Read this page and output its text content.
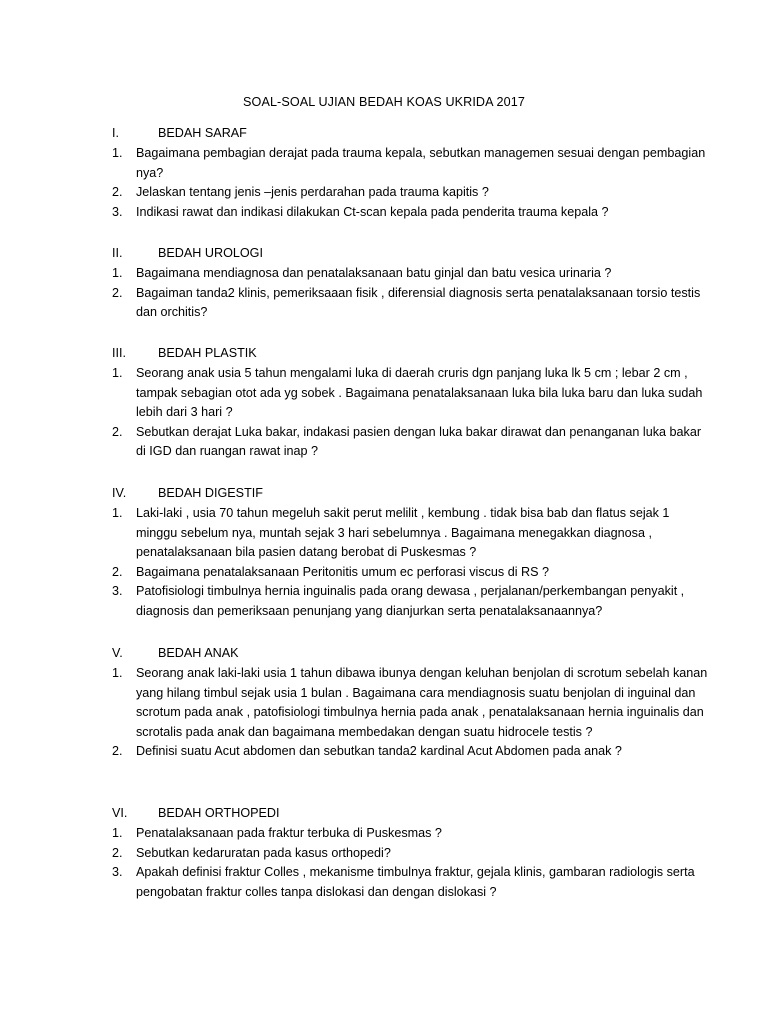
SOAL-SOAL UJIAN BEDAH KOAS UKRIDA 2017
I.	BEDAH SARAF
1. Bagaimana pembagian derajat pada trauma kepala, sebutkan managemen sesuai dengan pembagian nya?
2. Jelaskan tentang jenis –jenis perdarahan pada trauma kapitis ?
3. Indikasi rawat dan indikasi dilakukan Ct-scan kepala pada penderita trauma kepala ?
II.	BEDAH UROLOGI
1. Bagaimana mendiagnosa dan penatalaksanaan batu ginjal dan batu vesica urinaria ?
2. Bagaiman tanda2 klinis, pemeriksaaan fisik , diferensial diagnosis serta penatalaksanaan torsio testis dan orchitis?
III.	BEDAH PLASTIK
1. Seorang anak usia 5 tahun mengalami luka di daerah cruris dgn panjang luka lk 5 cm ; lebar 2 cm , tampak sebagian otot ada yg sobek . Bagaimana penatalaksanaan luka bila luka baru dan luka sudah lebih dari 3 hari ?
2. Sebutkan derajat Luka bakar, indakasi pasien dengan luka bakar dirawat dan penanganan luka bakar di IGD dan ruangan rawat inap ?
IV.	BEDAH DIGESTIF
1. Laki-laki , usia 70 tahun megeluh sakit perut melilit , kembung . tidak bisa bab dan flatus sejak 1 minggu sebelum nya, muntah sejak 3 hari sebelumnya . Bagaimana menegakkan diagnosa , penatalaksanaan bila pasien datang berobat di Puskesmas ?
2. Bagaimana penatalaksanaan Peritonitis umum ec perforasi viscus di RS ?
3. Patofisiologi timbulnya hernia inguinalis pada orang dewasa , perjalanan/perkembangan penyakit , diagnosis dan pemeriksaan penunjang yang dianjurkan serta penatalaksanaannya?
V.	BEDAH ANAK
1. Seorang anak laki-laki usia 1 tahun dibawa ibunya dengan keluhan benjolan di scrotum sebelah kanan yang hilang timbul sejak usia 1 bulan . Bagaimana cara mendiagnosis suatu benjolan di inguinal dan scrotum pada anak , patofisiologi timbulnya hernia pada anak , penatalaksanaan hernia inguinalis dan scrotalis pada anak dan bagaimana membedakan dengan suatu hidrocele testis ?
2. Definisi suatu Acut abdomen dan sebutkan tanda2 kardinal Acut Abdomen pada anak ?
VI. BEDAH ORTHOPEDI
1. Penatalaksanaan pada fraktur terbuka di Puskesmas ?
2. Sebutkan kedaruratan pada kasus orthopedi?
3. Apakah definisi fraktur Colles , mekanisme timbulnya fraktur, gejala klinis, gambaran radiologis serta pengobatan fraktur colles tanpa dislokasi dan dengan dislokasi ?
